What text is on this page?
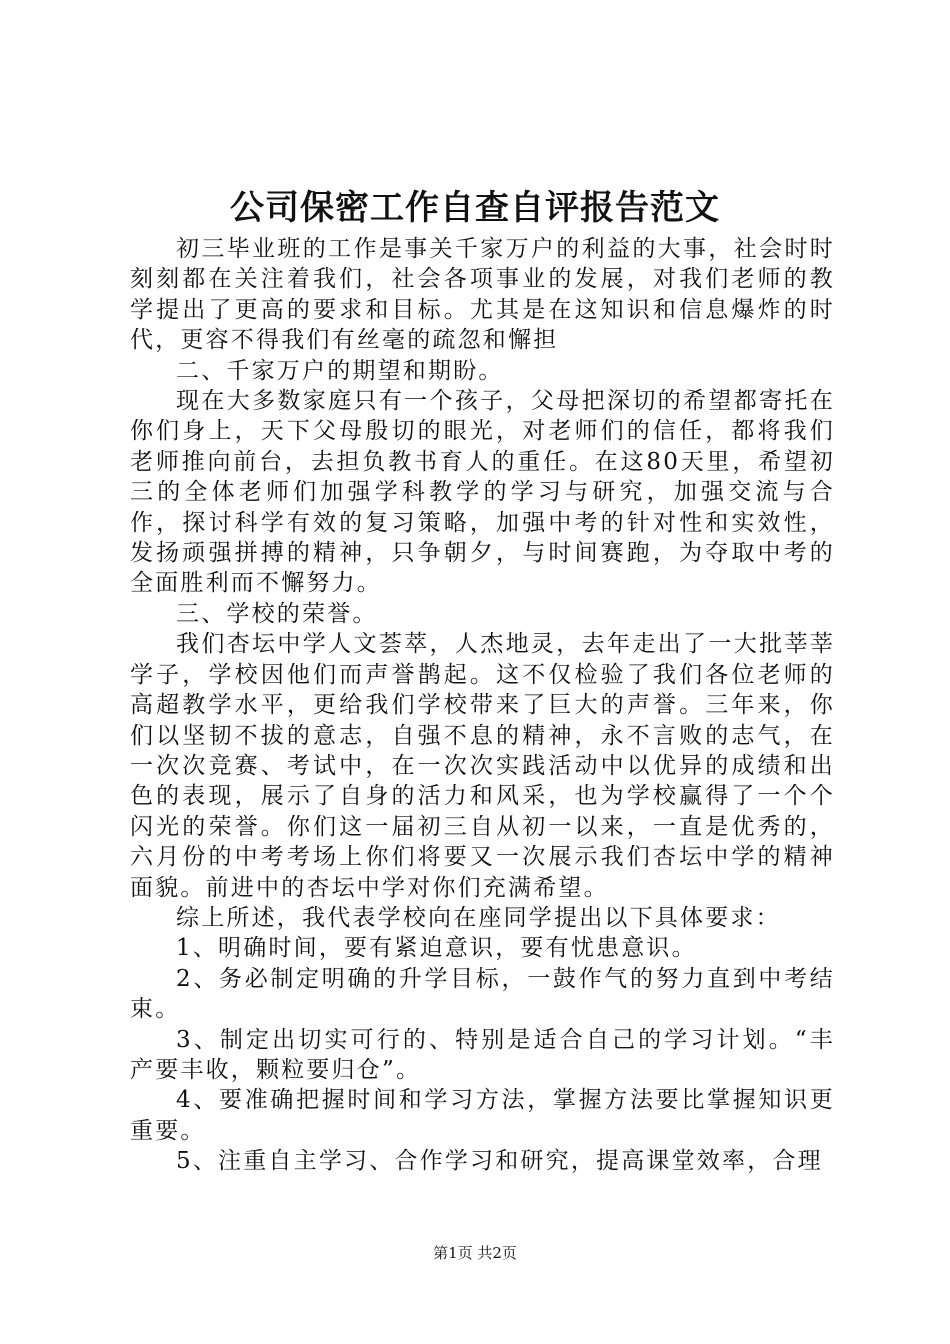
公司保密工作自查自评报告范文

初三毕业班的工作是事关千家万户的利益的大事，社会时时刻刻都在关注着我们，社会各项事业的发展，对我们老师的教学提出了更高的要求和目标。尤其是在这知识和信息爆炸的时代，更容不得我们有丝毫的疏忽和懈担

二、千家万户的期望和期盼。

现在大多数家庭只有一个孩子，父母把深切的希望都寄托在你们身上，天下父母殷切的眼光，对老师们的信任，都将我们老师推向前台，去担负教书育人的重任。在这80天里，希望初三的全体老师们加强学科教学的学习与研究，加强交流与合作，探讨科学有效的复习策略，加强中考的针对性和实效性，发扬顽强拼搏的精神，只争朝夕，与时间赛跑，为夺取中考的全面胜利而不懈努力。

三、学校的荣誉。

我们杏坛中学人文荟萃，人杰地灵，去年走出了一大批莘莘学子，学校因他们而声誉鹊起。这不仅检验了我们各位老师的高超教学水平，更给我们学校带来了巨大的声誉。三年来，你们以坚韧不拔的意志，自强不息的精神，永不言败的志气，在一次次竞赛、考试中，在一次次实践活动中以优异的成绩和出色的表现，展示了自身的活力和风采，也为学校赢得了一个个闪光的荣誉。你们这一届初三自从初一以来，一直是优秀的，六月份的中考考场上你们将要又一次展示我们杏坛中学的精神面貌。前进中的杏坛中学对你们充满希望。

综上所述，我代表学校向在座同学提出以下具体要求：

1、明确时间，要有紧迫意识，要有忧患意识。

2、务必制定明确的升学目标，一鼓作气的努力直到中考结束。

3、制定出切实可行的、特别是适合自己的学习计划。“丰产要丰收，颗粒要归仓”。

4、要准确把握时间和学习方法，掌握方法要比掌握知识更重要。

5、注重自主学习、合作学习和研究，提高课堂效率，合理

第1页 共2页
